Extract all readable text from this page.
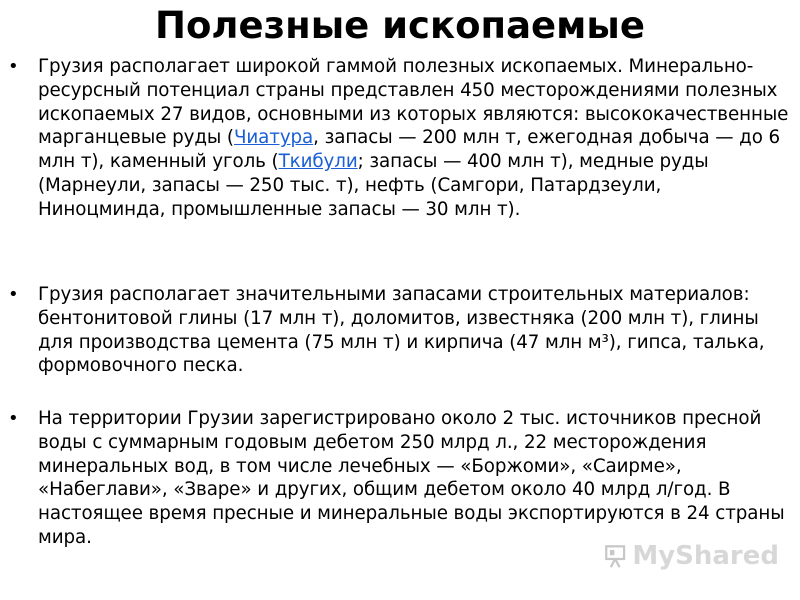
Полезные ископаемые
• Грузия располагает широкой гаммой полезных ископаемых. Минерально-ресурсный потенциал страны представлен 450 месторождениями полезных ископаемых 27 видов, основными из которых являются: высококачественные марганцевые руды (Чиатура, запасы — 200 млн т, ежегодная добыча — до 6 млн т), каменный уголь (Ткибули; запасы — 400 млн т), медные руды (Марнеули, запасы — 250 тыс. т), нефть (Самгори, Патардзеули, Ниноцминда, промышленные запасы — 30 млн т).
• Грузия располагает значительными запасами строительных материалов: бентонитовой глины (17 млн т), доломитов, известняка (200 млн т), глины для производства цемента (75 млн т) и кирпича (47 млн м³), гипса, талька, формовочного песка.
• На территории Грузии зарегистрировано около 2 тыс. источников пресной воды с суммарным годовым дебетом 250 млрд л., 22 месторождения минеральных вод, в том числе лечебных — «Боржоми», «Саирме», «Набеглави», «Зваре» и других, общим дебетом около 40 млрд л/год. В настоящее время пресные и минеральные воды экспортируются в 24 страны мира.
MyShared
